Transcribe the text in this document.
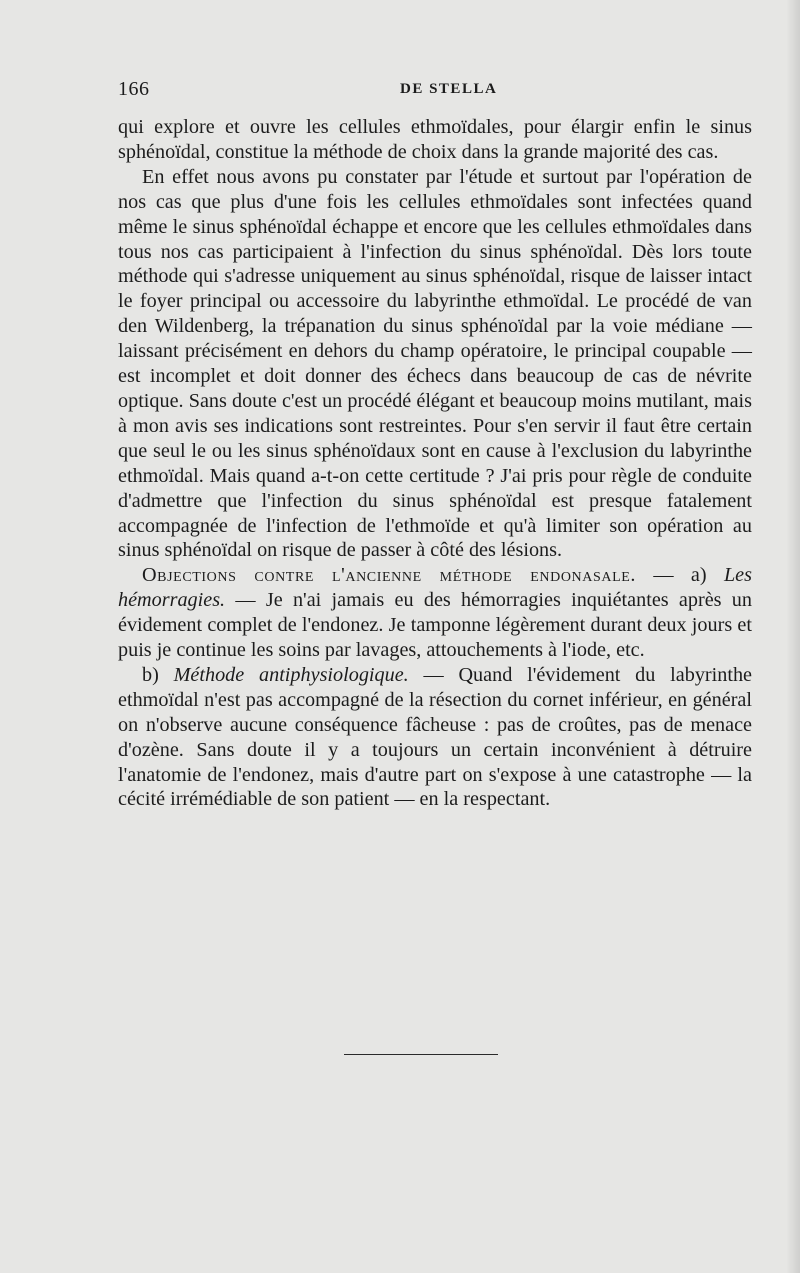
166	DE STELLA

qui explore et ouvre les cellules ethmoïdales, pour élargir enfin le sinus sphénoïdal, constitue la méthode de choix dans la grande majorité des cas.

En effet nous avons pu constater par l'étude et surtout par l'opération de nos cas que plus d'une fois les cellules ethmoïdales sont infectées quand même le sinus sphénoïdal échappe et encore que les cellules ethmoïdales dans tous nos cas participaient à l'infection du sinus sphénoïdal. Dès lors toute méthode qui s'adresse uniquement au sinus sphénoïdal, risque de laisser intact le foyer principal ou accessoire du labyrinthe ethmoïdal. Le procédé de van den Wildenberg, la trépanation du sinus sphénoïdal par la voie médiane — laissant précisément en dehors du champ opératoire, le principal coupable — est incomplet et doit donner des échecs dans beaucoup de cas de névrite optique. Sans doute c'est un procédé élégant et beaucoup moins mutilant, mais à mon avis ses indications sont restreintes. Pour s'en servir il faut être certain que seul le ou les sinus sphénoïdaux sont en cause à l'exclusion du labyrinthe ethmoïdal. Mais quand a-t-on cette certitude ? J'ai pris pour règle de conduite d'admettre que l'infection du sinus sphénoïdal est presque fatalement accompagnée de l'infection de l'ethmoïde et qu'à limiter son opération au sinus sphénoïdal on risque de passer à côté des lésions.

Objections contre l'ancienne méthode endonasale. — a) Les hémorragies. — Je n'ai jamais eu des hémorragies inquiétantes après un évidement complet de l'endonez. Je tamponne légèrement durant deux jours et puis je continue les soins par lavages, attouchements à l'iode, etc.

b) Méthode antiphysiologique. — Quand l'évidement du labyrinthe ethmoïdal n'est pas accompagné de la résection du cornet inférieur, en général on n'observe aucune conséquence fâcheuse : pas de croûtes, pas de menace d'ozène. Sans doute il y a toujours un certain inconvénient à détruire l'anatomie de l'endonez, mais d'autre part on s'expose à une catastrophe — la cécité irrémédiable de son patient — en la respectant.
